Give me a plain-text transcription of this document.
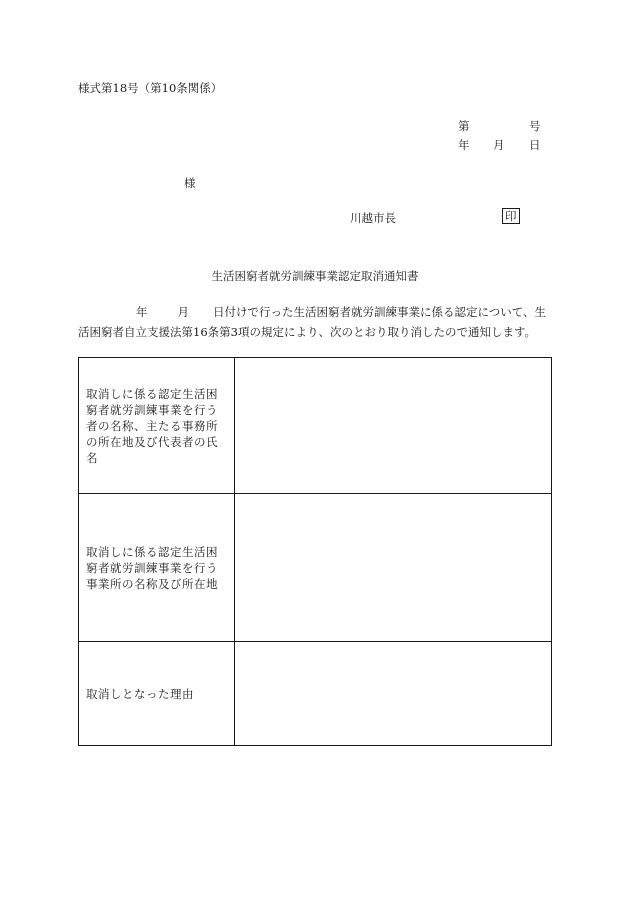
様式第18号（第10条関係）
第	号
年 月 日
様
川越市長	印
生活困窮者就労訓練事業認定取消通知書
年	月 日付けで行った生活困窮者就労訓練事業に係る認定について、生活困窮者自立支援法第16条第3項の規定により、次のとおり取り消したので通知します。
取消しに係る認定生活困窮者就労訓練事業を行う者の名称、主たる事務所の所在地及び代表者の氏名	
取消しに係る認定生活困窮者就労訓練事業を行う事業所の名称及び所在地	
取消しとなった理由	
